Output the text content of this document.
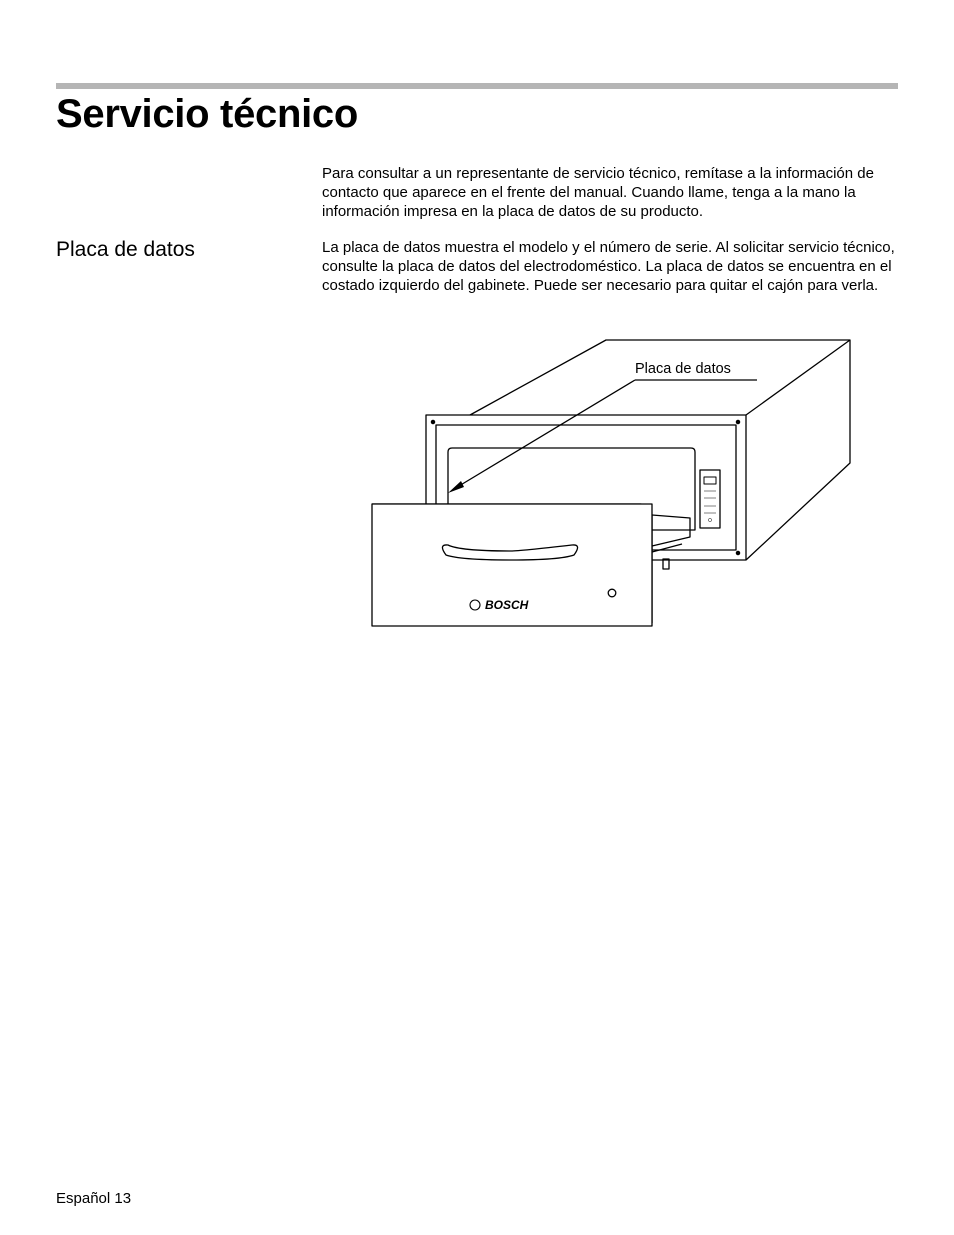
Servicio técnico

Para consultar a un representante de servicio técnico, remítase a la información de contacto que aparece en el frente del manual. Cuando llame, tenga a la mano la información impresa en la placa de datos de su producto.

Placa de datos	La placa de datos muestra el modelo y el número de serie. Al solicitar servicio técnico, consulte la placa de datos del electrodoméstico. La placa de datos se encuentra en el costado izquierdo del gabinete. Puede ser necesario para quitar el cajón para verla.

BOSCH
Placa de datos
Español 13
